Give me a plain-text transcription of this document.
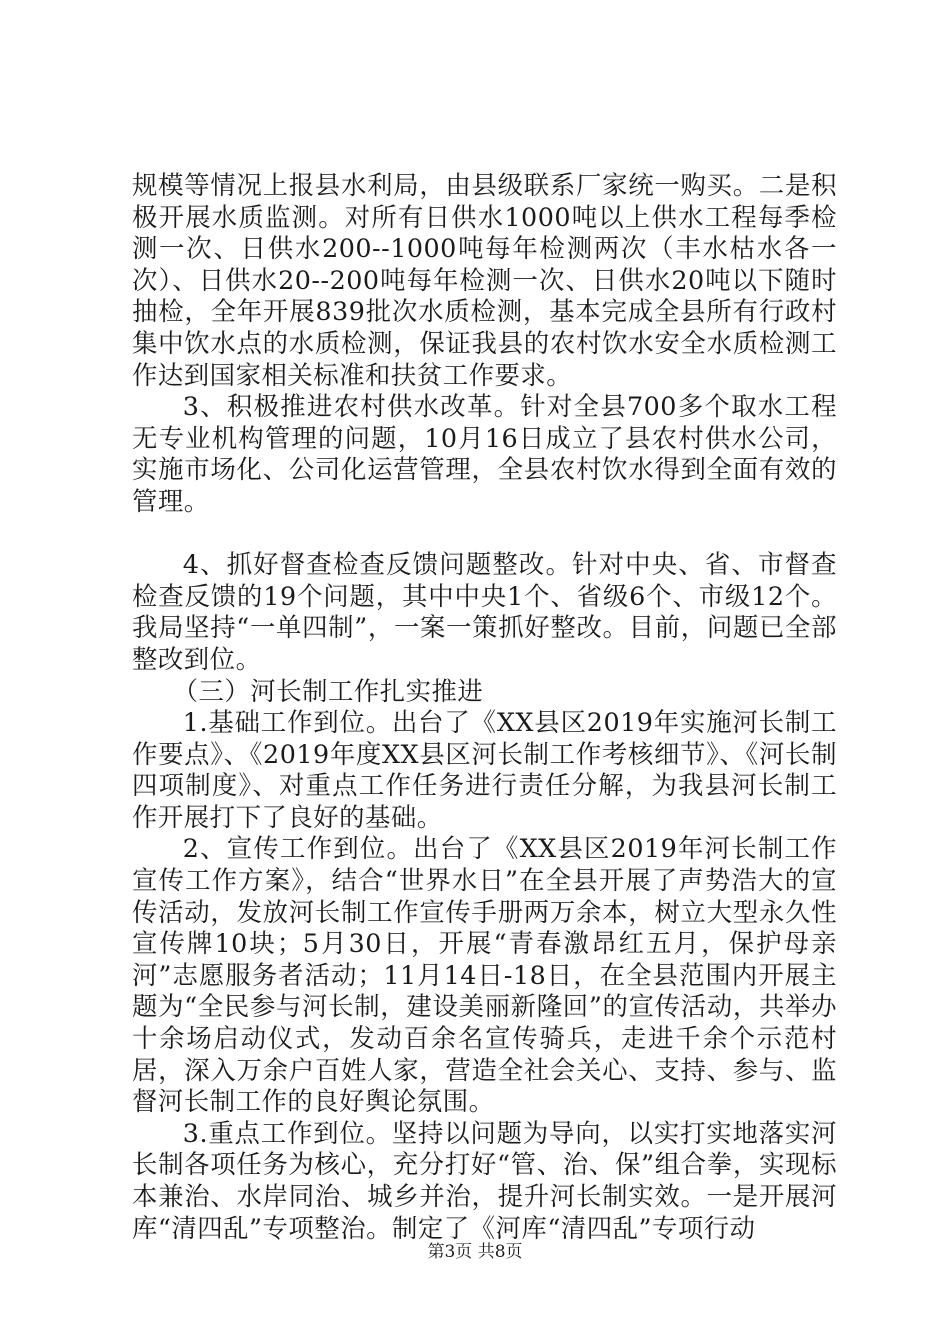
规模等情况上报县水利局，由县级联系厂家统一购买。二是积极开展水质监测。对所有日供水1000吨以上供水工程每季检测一次、日供水200--1000吨每年检测两次（丰水枯水各一次）、日供水20--200吨每年检测一次、日供水20吨以下随时抽检，全年开展839批次水质检测，基本完成全县所有行政村集中饮水点的水质检测，保证我县的农村饮水安全水质检测工作达到国家相关标准和扶贫工作要求。

3、积极推进农村供水改革。针对全县700多个取水工程无专业机构管理的问题，10月16日成立了县农村供水公司，实施市场化、公司化运营管理，全县农村饮水得到全面有效的管理。

4、抓好督查检查反馈问题整改。针对中央、省、市督查检查反馈的19个问题，其中中央1个、省级6个、市级12个。我局坚持“一单四制”，一案一策抓好整改。目前，问题已全部整改到位。

（三）河长制工作扎实推进

1.基础工作到位。出台了《XX县区2019年实施河长制工作要点》、《2019年度XX县区河长制工作考核细节》、《河长制四项制度》、对重点工作任务进行责任分解，为我县河长制工作开展打下了良好的基础。

2、宣传工作到位。出台了《XX县区2019年河长制工作宣传工作方案》，结合“世界水日”在全县开展了声势浩大的宣传活动，发放河长制工作宣传手册两万余本，树立大型永久性宣传牌10块；5月30日，开展“青春激昂红五月，保护母亲河”志愿服务者活动；11月14日-18日，在全县范围内开展主题为“全民参与河长制，建设美丽新隆回”的宣传活动，共举办十余场启动仪式，发动百余名宣传骑兵，走进千余个示范村居，深入万余户百姓人家，营造全社会关心、支持、参与、监督河长制工作的良好舆论氛围。

3.重点工作到位。坚持以问题为导向，以实打实地落实河长制各项任务为核心，充分打好“管、治、保”组合拳，实现标本兼治、水岸同治、城乡并治，提升河长制实效。一是开展河库“清四乱”专项整治。制定了《河库“清四乱”专项行动

第3页 共8页
